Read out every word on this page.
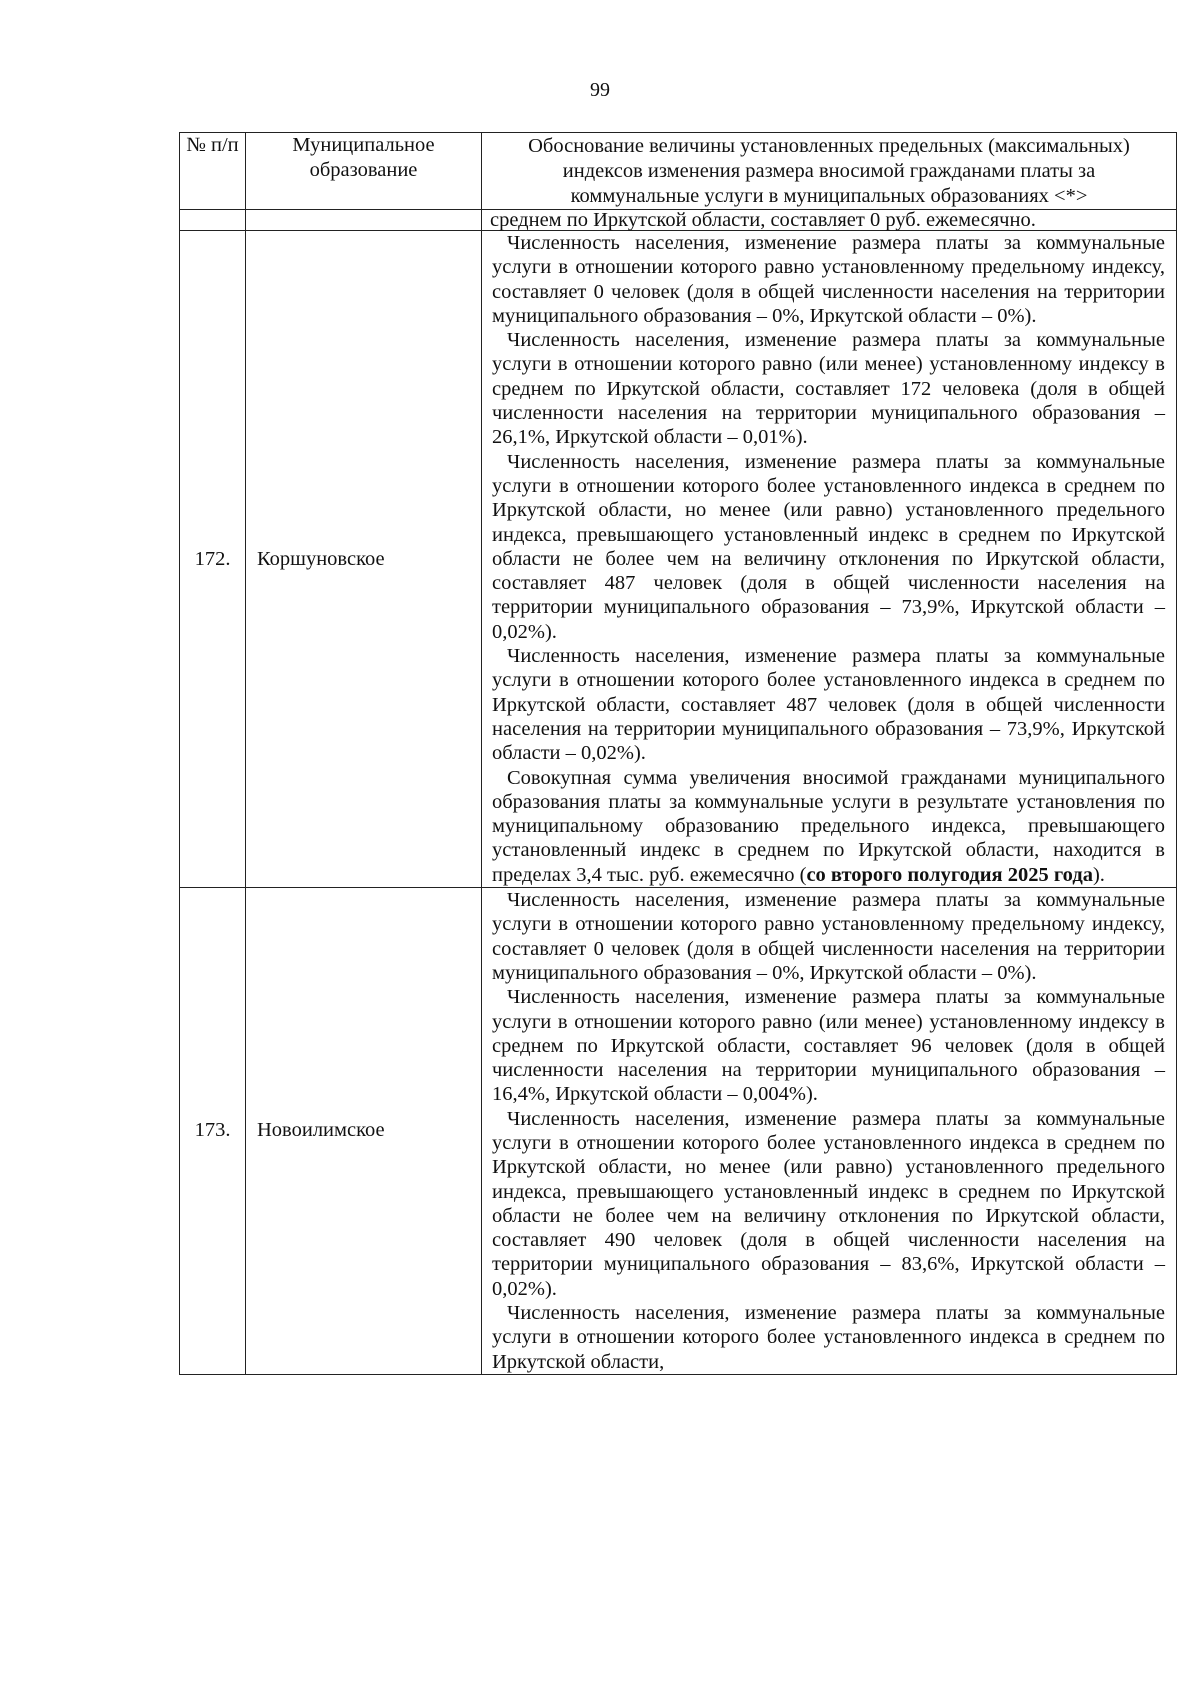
99
№ п/п	Муниципальное образование	Обоснование величины установленных предельных (максимальных) индексов изменения размера вносимой гражданами платы за коммунальные услуги в муниципальных образованиях <*>
		среднем по Иркутской области, составляет 0 руб. ежемесячно.
172.	Коршуновское	Численность населения, изменение размера платы за коммунальные услуги в отношении которого равно установленному предельному индексу, составляет 0 человек (доля в общей численности населения на территории муниципального образования – 0%, Иркутской области – 0%).

Численность населения, изменение размера платы за коммунальные услуги в отношении которого равно (или менее) установленному индексу в среднем по Иркутской области, составляет 172 человека (доля в общей численности населения на территории муниципального образования – 26,1%, Иркутской области – 0,01%).

Численность населения, изменение размера платы за коммунальные услуги в отношении которого более установленного индекса в среднем по Иркутской области, но менее (или равно) установленного предельного индекса, превышающего установленный индекс в среднем по Иркутской области не более чем на величину отклонения по Иркутской области, составляет 487 человек (доля в общей численности населения на территории муниципального образования – 73,9%, Иркутской области – 0,02%).

Численность населения, изменение размера платы за коммунальные услуги в отношении которого более установленного индекса в среднем по Иркутской области, составляет 487 человек (доля в общей численности населения на территории муниципального образования – 73,9%, Иркутской области – 0,02%).

Совокупная сумма увеличения вносимой гражданами муниципального образования платы за коммунальные услуги в результате установления по муниципальному образованию предельного индекса, превышающего установленный индекс в среднем по Иркутской области, находится в пределах 3,4 тыс. руб. ежемесячно (со второго полугодия 2025 года).

173.	Новоилимское	Численность населения, изменение размера платы за коммунальные услуги в отношении которого равно установленному предельному индексу, составляет 0 человек (доля в общей численности населения на территории муниципального образования – 0%, Иркутской области – 0%).

Численность населения, изменение размера платы за коммунальные услуги в отношении которого равно (или менее) установленному индексу в среднем по Иркутской области, составляет 96 человек (доля в общей численности населения на территории муниципального образования – 16,4%, Иркутской области – 0,004%).

Численность населения, изменение размера платы за коммунальные услуги в отношении которого более установленного индекса в среднем по Иркутской области, но менее (или равно) установленного предельного индекса, превышающего установленный индекс в среднем по Иркутской области не более чем на величину отклонения по Иркутской области, составляет 490 человек (доля в общей численности населения на территории муниципального образования – 83,6%, Иркутской области – 0,02%).

Численность населения, изменение размера платы за коммунальные услуги в отношении которого более установленного индекса в среднем по Иркутской области,
